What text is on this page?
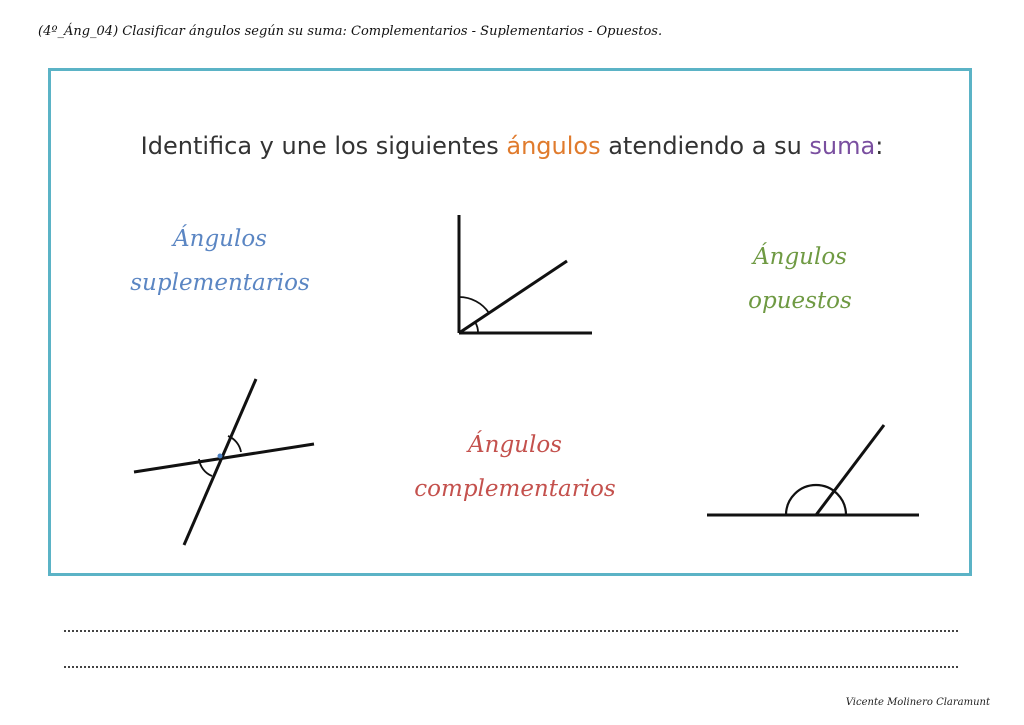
(4º_Áng_04) Clasificar ángulos según su suma: Complementarios - Suplementarios - Opuestos.
Identifica y une los siguientes ángulos atendiendo a su suma:
Ángulos
suplementarios
Ángulos
opuestos
Ángulos
complementarios
Vicente Molinero Claramunt
